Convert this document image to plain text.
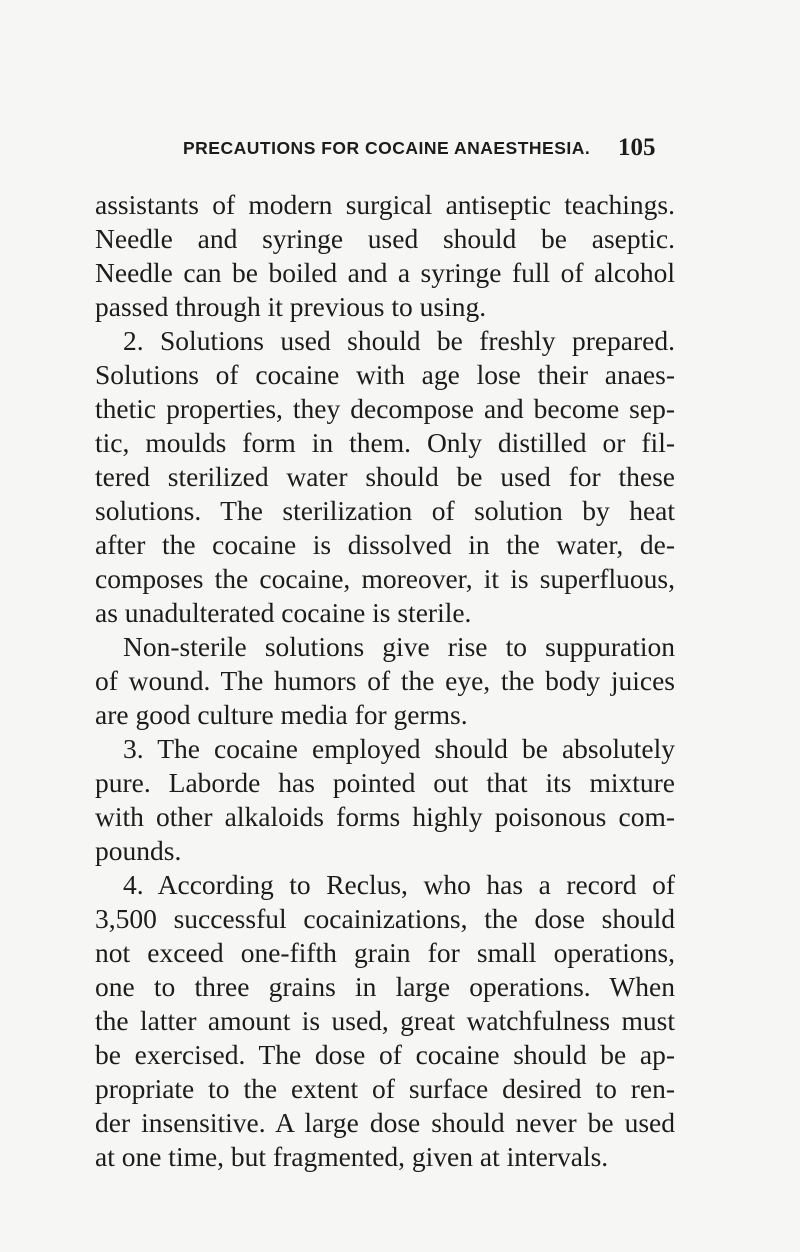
PRECAUTIONS FOR COCAINE ANAESTHESIA. 105
assistants of modern surgical antiseptic teachings.
Needle and syringe used should be aseptic.
Needle can be boiled and a syringe full of alcohol
passed through it previous to using.
2. Solutions used should be freshly prepared.
Solutions of cocaine with age lose their anaes-
thetic properties, they decompose and become sep-
tic, moulds form in them. Only distilled or fil-
tered sterilized water should be used for these
solutions. The sterilization of solution by heat
after the cocaine is dissolved in the water, de-
composes the cocaine, moreover, it is superfluous,
as unadulterated cocaine is sterile.
Non-sterile solutions give rise to suppuration
of wound. The humors of the eye, the body juices
are good culture media for germs.
3. The cocaine employed should be absolutely
pure. Laborde has pointed out that its mixture
with other alkaloids forms highly poisonous com-
pounds.
4. According to Reclus, who has a record of
3,500 successful cocainizations, the dose should
not exceed one-fifth grain for small operations,
one to three grains in large operations. When
the latter amount is used, great watchfulness must
be exercised. The dose of cocaine should be ap-
propriate to the extent of surface desired to ren-
der insensitive. A large dose should never be used
at one time, but fragmented, given at intervals.
